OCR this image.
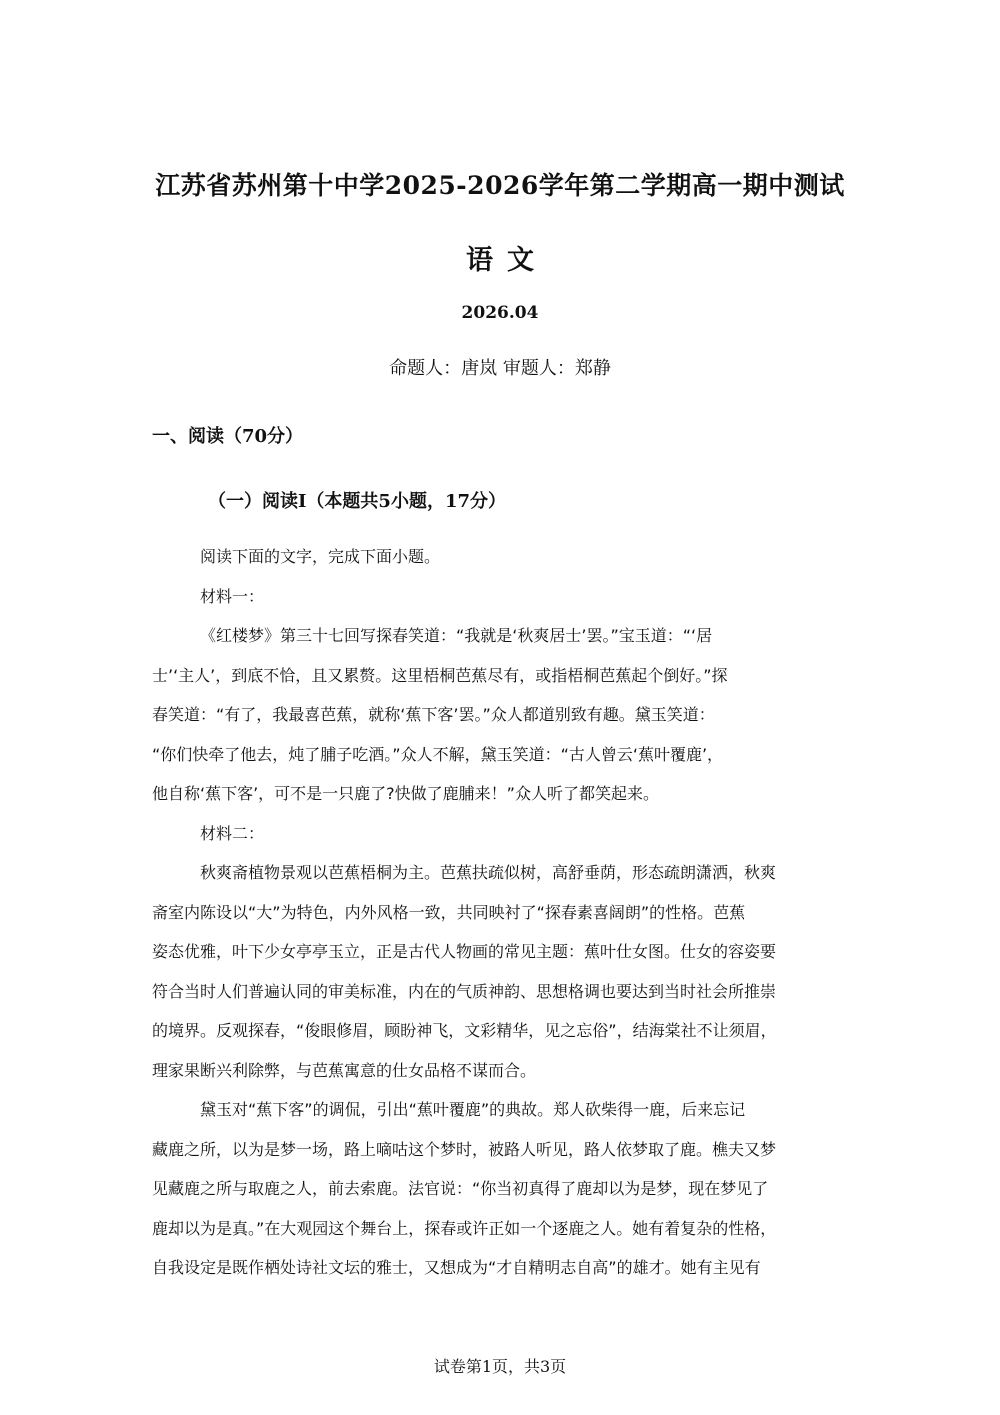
江苏省苏州第十中学2025-2026学年第二学期高一期中测试
语文
2026.04
命题人：唐岚 审题人：郑静
一、阅读（70分）
（一）阅读Ⅰ（本题共5小题，17分）
阅读下面的文字，完成下面小题。
材料一：
《红楼梦》第三十七回写探春笑道：“我就是‘秋爽居士’罢。”宝玉道：“‘居
士’‘主人’，到底不恰，且又累赘。这里梧桐芭蕉尽有，或指梧桐芭蕉起个倒好。”探
春笑道：“有了，我最喜芭蕉，就称‘蕉下客’罢。”众人都道别致有趣。黛玉笑道：
“你们快牵了他去，炖了脯子吃酒。”众人不解，黛玉笑道：“古人曾云‘蕉叶覆鹿’，
他自称‘蕉下客’，可不是一只鹿了?快做了鹿脯来！”众人听了都笑起来。
材料二：
秋爽斋植物景观以芭蕉梧桐为主。芭蕉扶疏似树，高舒垂荫，形态疏朗潇洒，秋爽
斋室内陈设以“大”为特色，内外风格一致，共同映衬了“探春素喜阔朗”的性格。芭蕉
姿态优雅，叶下少女亭亭玉立，正是古代人物画的常见主题：蕉叶仕女图。仕女的容姿要
符合当时人们普遍认同的审美标准，内在的气质神韵、思想格调也要达到当时社会所推崇
的境界。反观探春，“俊眼修眉，顾盼神飞，文彩精华，见之忘俗”，结海棠社不让须眉，
理家果断兴利除弊，与芭蕉寓意的仕女品格不谋而合。
黛玉对“蕉下客”的调侃，引出“蕉叶覆鹿”的典故。郑人砍柴得一鹿，后来忘记
藏鹿之所，以为是梦一场，路上嘀咕这个梦时，被路人听见，路人依梦取了鹿。樵夫又梦
见藏鹿之所与取鹿之人，前去索鹿。法官说：“你当初真得了鹿却以为是梦，现在梦见了
鹿却以为是真。”在大观园这个舞台上，探春或许正如一个逐鹿之人。她有着复杂的性格，
自我设定是既作栖处诗社文坛的雅士，又想成为“才自精明志自高”的雄才。她有主见有
试卷第1页，共3页
